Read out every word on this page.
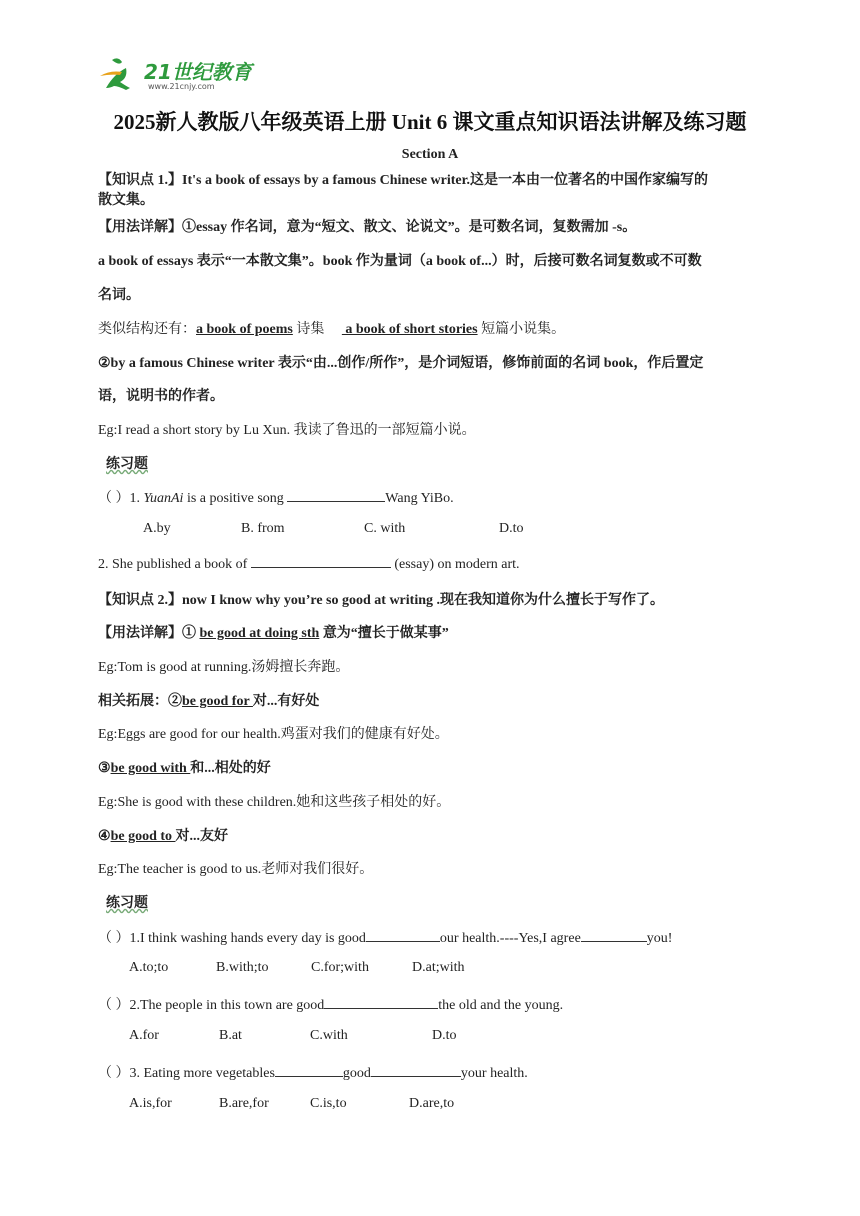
21世纪教育
www.21cnjy.com
2025新人教版八年级英语上册 Unit 6 课文重点知识语法讲解及练习题
Section A
【知识点 1.】It's a book of essays by a famous Chinese writer.这是一本由一位著名的中国作家编写的
散文集。
【用法详解】①essay 作名词，意为“短文、散文、论说文”。是可数名词，复数需加 -s。
a book of essays 表示“一本散文集”。book 作为量词（a book of...）时，后接可数名词复数或不可数
名词。
类似结构还有：a book of poems 诗集      a book of short stories 短篇小说集。
②by a famous Chinese writer 表示“由...创作/所作”，是介词短语，修饰前面的名词 book，作后置定
语，说明书的作者。
Eg:I read a short story by Lu Xun. 我读了鲁迅的一部短篇小说。
练习题
（ ）1. YuanAi is a positive song	Wang YiBo.
A.by	B. from	C. with	D.to
2. She published a book of	(essay) on modern art.
【知识点 2.】now I know why you’re so good at writing .现在我知道你为什么擅长于写作了。
【用法详解】① be good at doing sth 意为“擅长于做某事”
Eg:Tom is good at running.汤姆擅长奔跑。
相关拓展：②be good for 对...有好处
Eg:Eggs are good for our health.鸡蛋对我们的健康有好处。
③be good with 和...相处的好
Eg:She is good with these children.她和这些孩子相处的好。
④be good to 对...友好
Eg:The teacher is good to us.老师对我们很好。
练习题
（ ）1.I think washing hands every day is good	our health.----Yes,I agree	you!
A.to;to	B.with;to	C.for;with	D.at;with
（ ）2.The people in this town are good	the old and the young.
A.for	B.at	C.with	D.to
（ ）3. Eating more vegetables	good	your health.
A.is,for	B.are,for	C.is,to	D.are,to
